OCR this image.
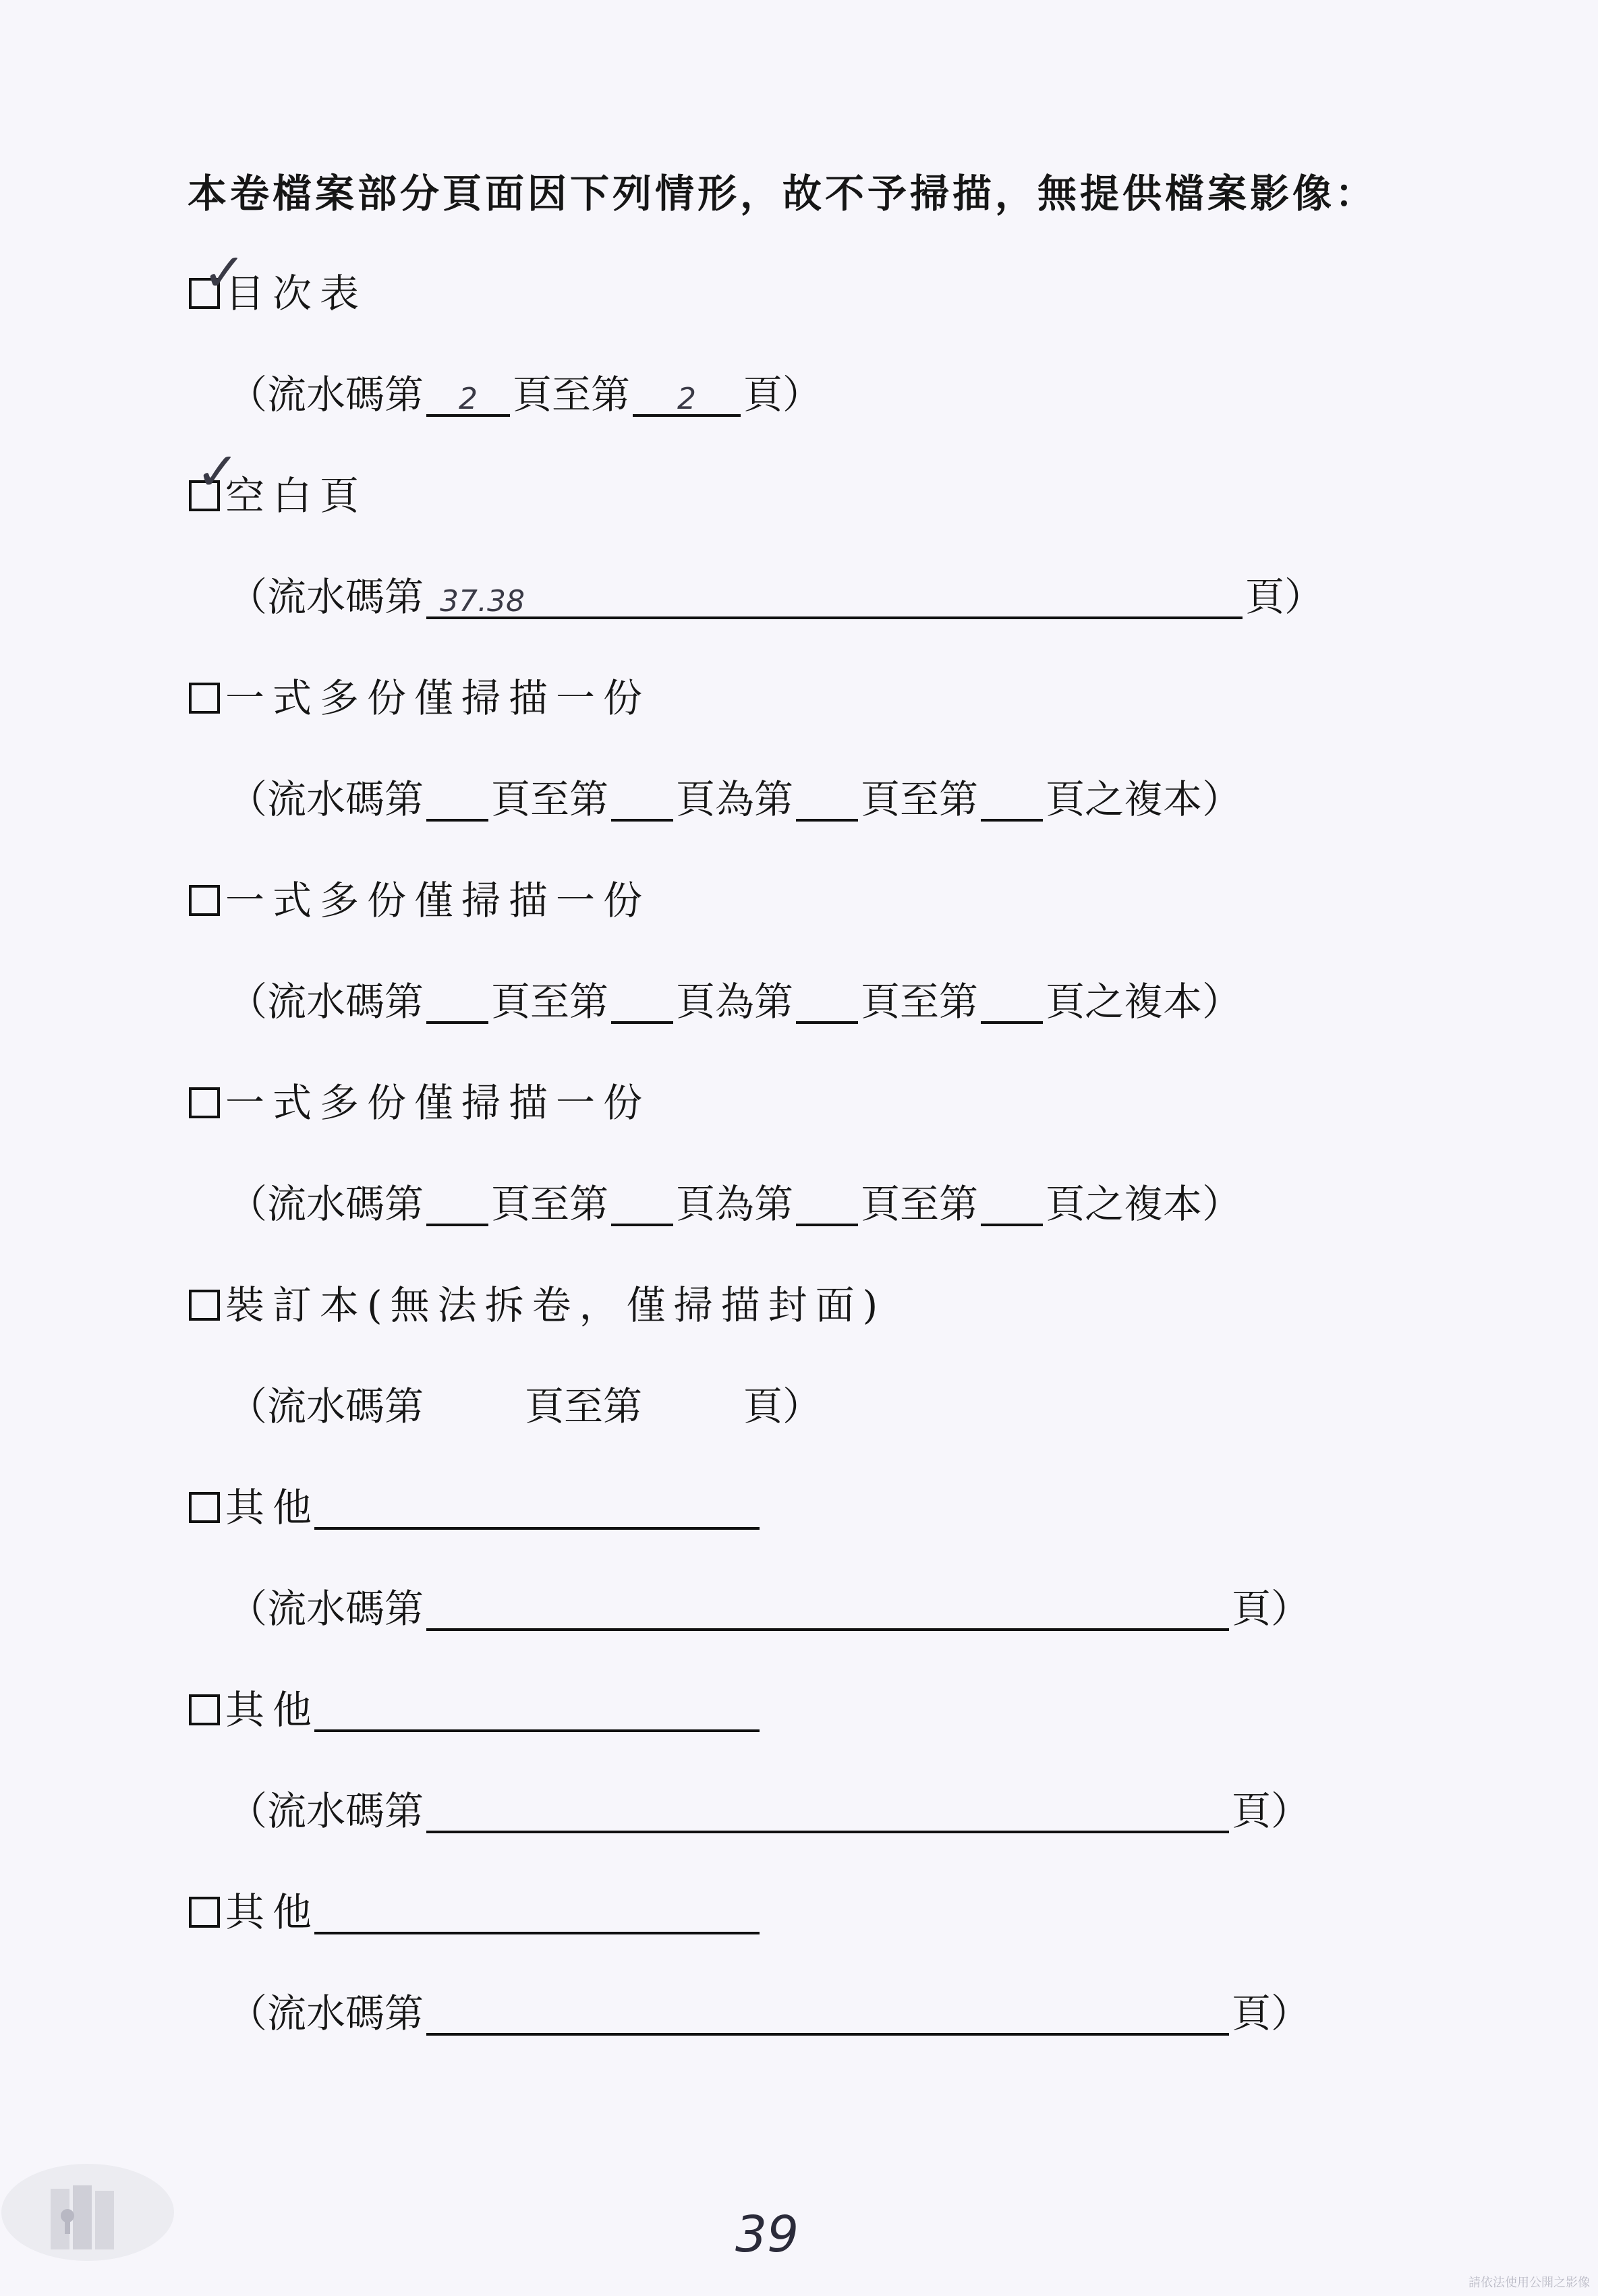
本卷檔案部分頁面因下列情形，故不予掃描，無提供檔案影像：
目次表
✓
（流水碼第	2 頁至第	2	頁）
空白頁
✓
（流水碼第 37.38	頁）
一式多份僅掃描一份
（流水碼第 頁至第 頁為第 頁至第 頁之複本）
一式多份僅掃描一份
（流水碼第 頁至第 頁為第 頁至第 頁之複本）
一式多份僅掃描一份
（流水碼第 頁至第 頁為第 頁至第 頁之複本）
裝訂本(無法拆卷，僅掃描封面)
（流水碼第	頁至第	頁）
其他
（流水碼第	頁）
其他
（流水碼第	頁）
其他
（流水碼第	頁）
39
請依法使用公開之影像
